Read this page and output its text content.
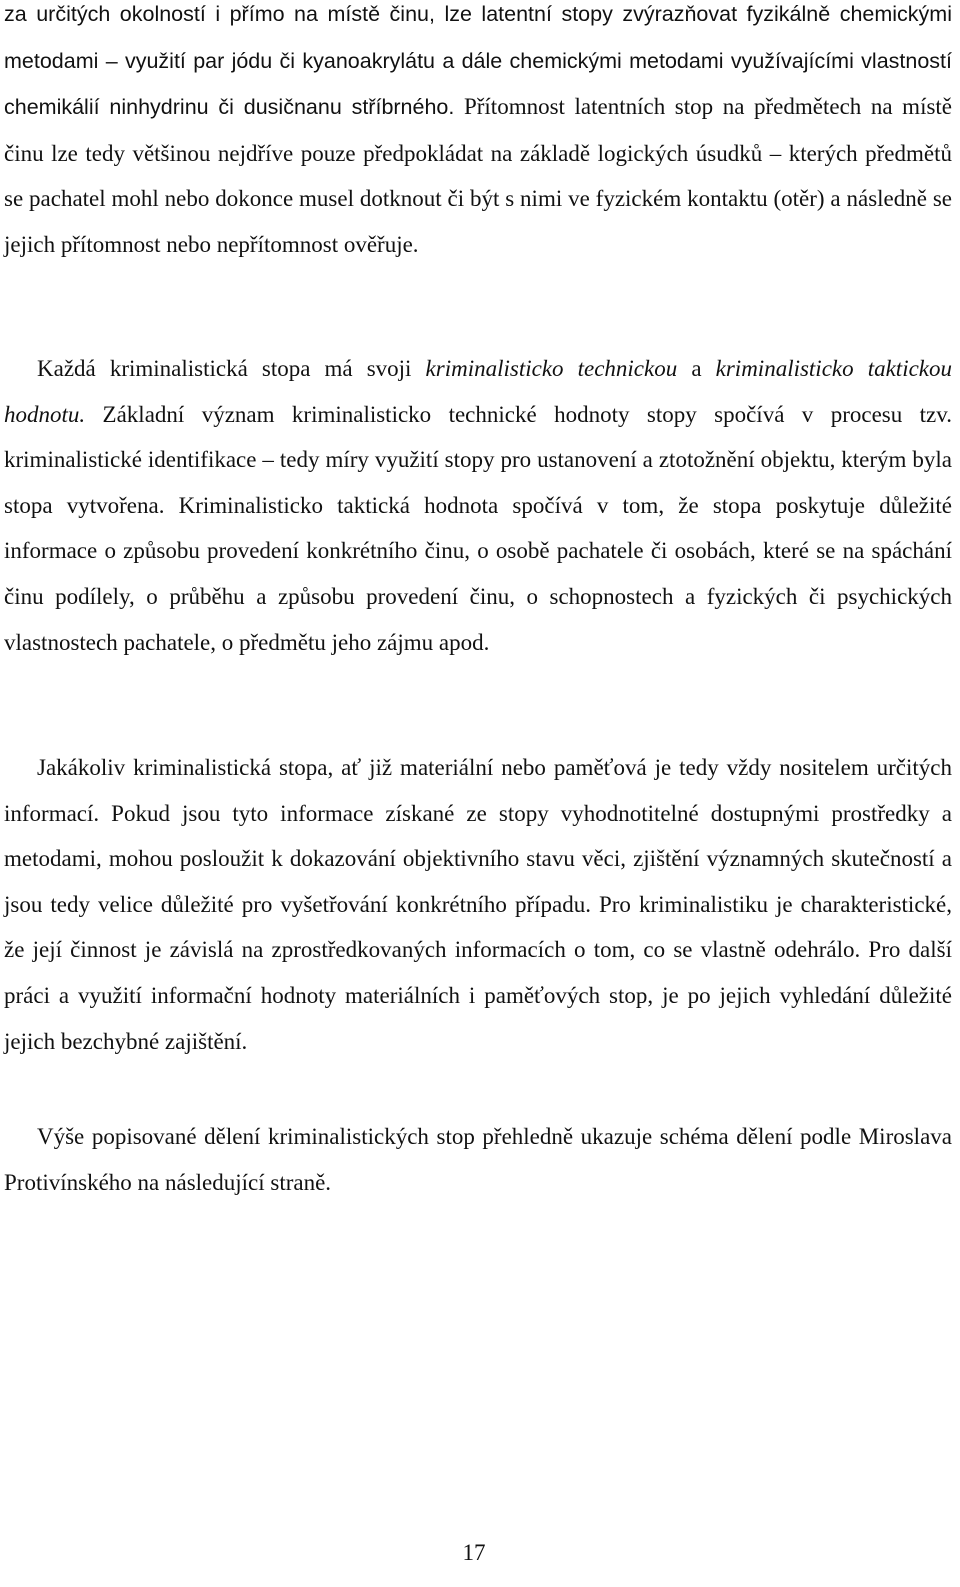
za určitých okolností i přímo na místě činu, lze latentní stopy zvýrazňovat fyzikálně chemickými metodami – využití par jódu či kyanoakrylátu a dále chemickými metodami využívajícími vlastností chemikálií ninhydrinu či dusičnanu stříbrného. Přítomnost latentních stop na předmětech na místě činu lze tedy většinou nejdříve pouze předpokládat na základě logických úsudků – kterých předmětů se pachatel mohl nebo dokonce musel dotknout či být s nimi ve fyzickém kontaktu (otěr) a následně se jejich přítomnost nebo nepřítomnost ověřuje.

Každá kriminalistická stopa má svoji kriminalisticko technickou a kriminalisticko taktickou hodnotu. Základní význam kriminalisticko technické hodnoty stopy spočívá v procesu tzv. kriminalistické identifikace – tedy míry využití stopy pro ustanovení a ztotožnění objektu, kterým byla stopa vytvořena. Kriminalisticko taktická hodnota spočívá v tom, že stopa poskytuje důležité informace o způsobu provedení konkrétního činu, o osobě pachatele či osobách, které se na spáchání činu podílely, o průběhu a způsobu provedení činu, o schopnostech a fyzických či psychických vlastnostech pachatele, o předmětu jeho zájmu apod.

Jakákoliv kriminalistická stopa, ať již materiální nebo paměťová je tedy vždy nositelem určitých informací. Pokud jsou tyto informace získané ze stopy vyhodnotitelné dostupnými prostředky a metodami, mohou posloužit k dokazování objektivního stavu věci, zjištění významných skutečností a jsou tedy velice důležité pro vyšetřování konkrétního případu. Pro kriminalistiku je charakteristické, že její činnost je závislá na zprostředkovaných informacích o tom, co se vlastně odehrálo. Pro další práci a využití informační hodnoty materiálních i paměťových stop, je po jejich vyhledání důležité jejich bezchybné zajištění.

Výše popisované dělení kriminalistických stop přehledně ukazuje schéma dělení podle Miroslava Protivínského na následující straně.

17
